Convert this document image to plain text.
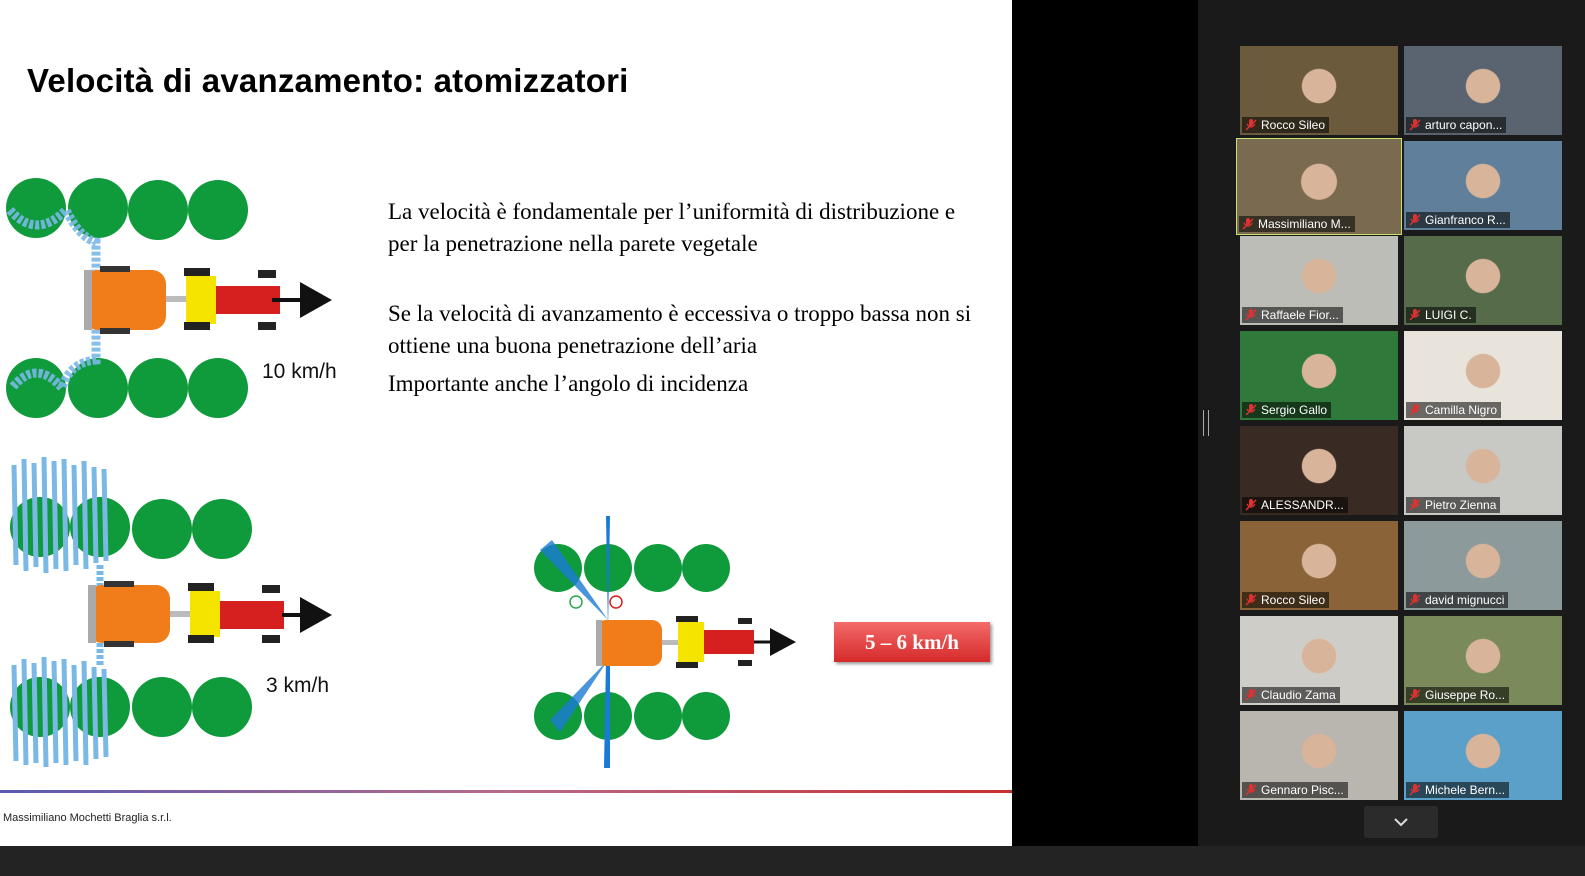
Velocità di avanzamento: atomizzatori
10 km/h
3 km/h
5 – 6 km/h
La velocità è fondamentale per l’uniformità di distribuzione e per la penetrazione nella parete vegetale
Se la velocità di avanzamento è eccessiva o troppo bassa non si ottiene una buona penetrazione dell’aria
Importante anche l’angolo di incidenza
Massimiliano Mochetti Braglia s.r.l.
Rocco Sileo	arturo capon...
Massimiliano M...	Gianfranco R...
Raffaele Fior...	LUIGI C.
Sergio Gallo	Camilla Nigro
ALESSANDR...	Pietro Zienna
Rocco Sileo	david mignucci
Claudio Zama	Giuseppe Ro...
Gennaro Pisc...	Michele Bern...
